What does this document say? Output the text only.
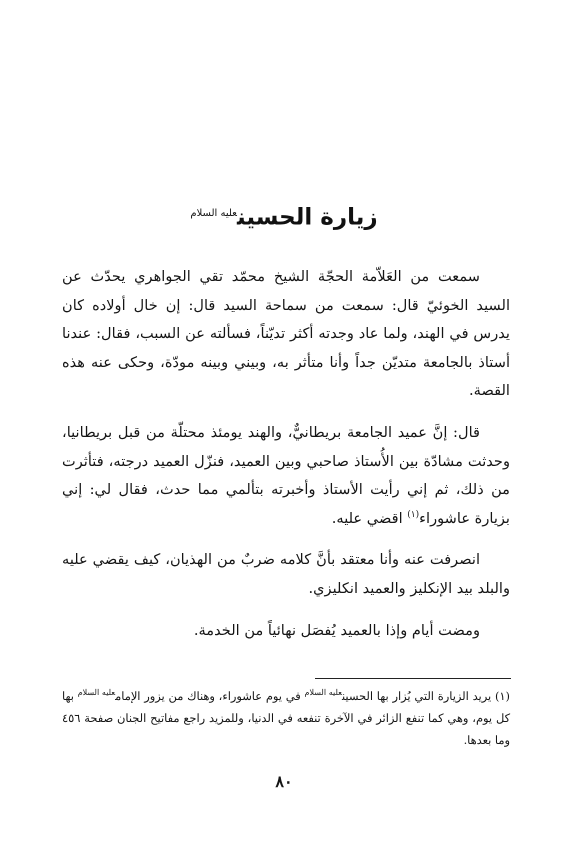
زيارة الحسين$^{عليه السلام}$

سمعت من العَلاّمة الحجّة الشيخ محمّد تقي الجواهري يحدّث عن السيد الخوئيّ قال: سمعت من سماحة السيد قال: إن خال أولاده كان يدرس في الهند، ولما عاد وجدته أكثر تديّناً، فسألته عن السبب، فقال: عندنا أستاذ بالجامعة متديّن جداً وأنا متأثر به، وبيني وبينه مودّة، وحكى عنه هذه القصة.

قال: إنَّ عميد الجامعة بريطانيٌّ، والهند يومئذ محتلّة من قبل بريطانيا، وحدثت مشادّة بين الأُستاذ صاحبي وبين العميد، فنزّل العميد درجته، فتأثرت من ذلك، ثم إني رأيت الأستاذ وأخبرته بتألمي مما حدث، فقال لي: إني بزيارة عاشوراء$^{(١)}$ اقضي عليه.

انصرفت عنه وأنا معتقد بأنَّ كلامه ضربٌ من الهذيان، كيف يقضي عليه والبلد بيد الإنكليز والعميد انكليزي.

ومضت أيام وإذا بالعميد يُفصَل نهائياً من الخدمة.

(١) يريد الزيارة التي يُزار بها الحسين$^{عليه السلام}$ في يوم عاشوراء، وهناك من يزور الإمام$^{عليه السلام}$ بها كل يوم، وهي كما تنفع الزائر في الآخرة تنفعه في الدنيا، وللمزيد راجع مفاتيح الجنان صفحة ٤٥٦ وما بعدها.
٨٠
